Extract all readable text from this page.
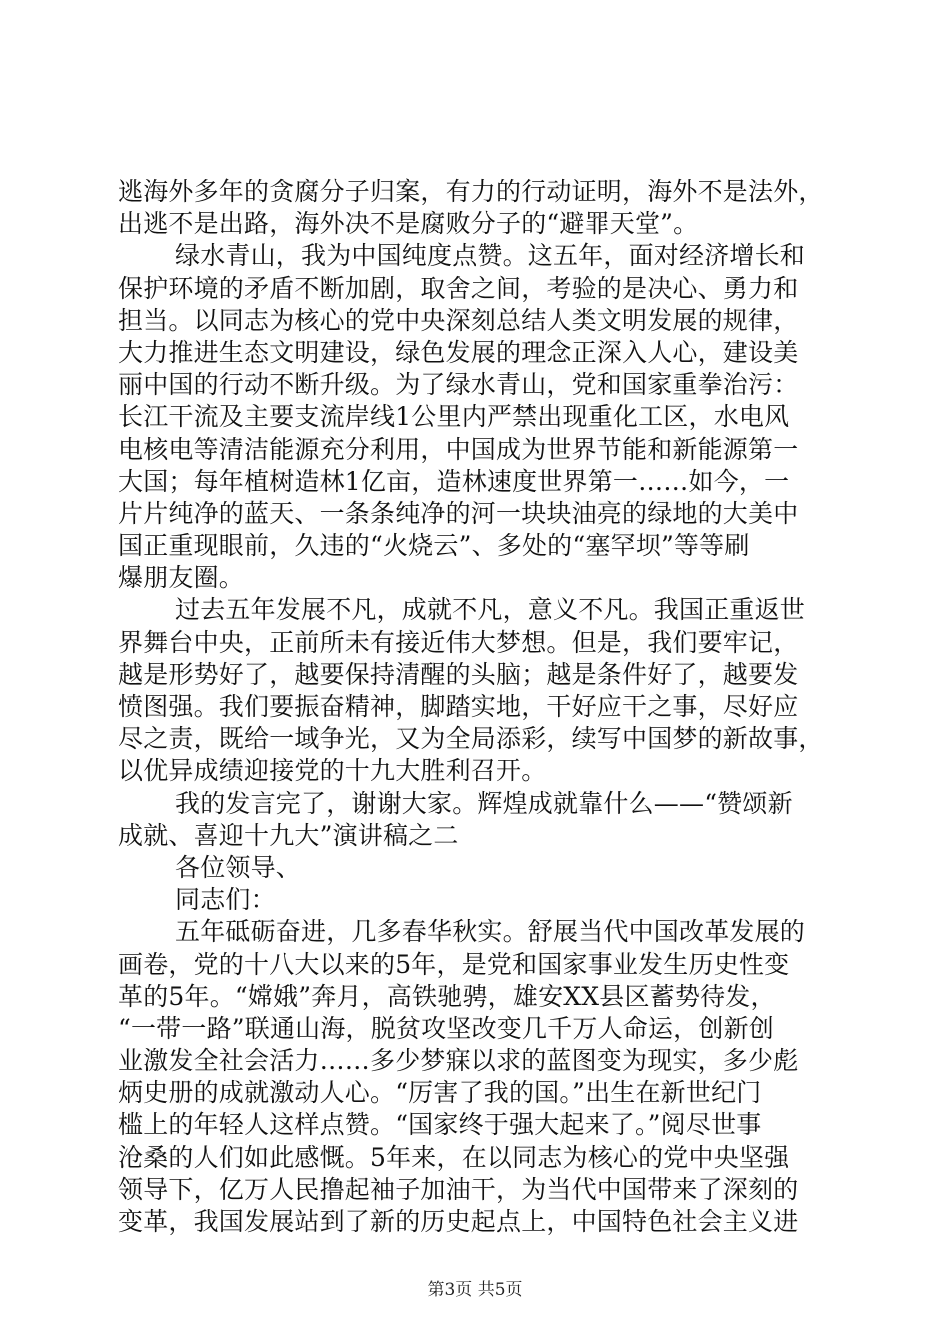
逃海外多年的贪腐分子归案，有力的行动证明，海外不是法外，
出逃不是出路，海外决不是腐败分子的“避罪天堂”。
绿水青山，我为中国纯度点赞。这五年，面对经济增长和
保护环境的矛盾不断加剧，取舍之间，考验的是决心、勇力和
担当。以同志为核心的党中央深刻总结人类文明发展的规律，
大力推进生态文明建设，绿色发展的理念正深入人心，建设美
丽中国的行动不断升级。为了绿水青山，党和国家重拳治污：
长江干流及主要支流岸线1公里内严禁出现重化工区，水电风
电核电等清洁能源充分利用，中国成为世界节能和新能源第一
大国；每年植树造林1亿亩，造林速度世界第一……如今，一
片片纯净的蓝天、一条条纯净的河一块块油亮的绿地的大美中
国正重现眼前，久违的“火烧云”、多处的“塞罕坝”等等刷
爆朋友圈。
过去五年发展不凡，成就不凡，意义不凡。我国正重返世
界舞台中央，正前所未有接近伟大梦想。但是，我们要牢记，
越是形势好了，越要保持清醒的头脑；越是条件好了，越要发
愤图强。我们要振奋精神，脚踏实地，干好应干之事，尽好应
尽之责，既给一域争光，又为全局添彩，续写中国梦的新故事，
以优异成绩迎接党的十九大胜利召开。
我的发言完了，谢谢大家。辉煌成就靠什么——“赞颂新
成就、喜迎十九大”演讲稿之二
各位领导、
同志们：
五年砥砺奋进，几多春华秋实。舒展当代中国改革发展的
画卷，党的十八大以来的5年，是党和国家事业发生历史性变
革的5年。“嫦娥”奔月，高铁驰骋，雄安XX县区蓄势待发，
“一带一路”联通山海，脱贫攻坚改变几千万人命运，创新创
业激发全社会活力……多少梦寐以求的蓝图变为现实，多少彪
炳史册的成就激动人心。“厉害了我的国。”出生在新世纪门
槛上的年轻人这样点赞。“国家终于强大起来了。”阅尽世事
沧桑的人们如此感慨。5年来，在以同志为核心的党中央坚强
领导下，亿万人民撸起袖子加油干，为当代中国带来了深刻的
变革，我国发展站到了新的历史起点上，中国特色社会主义进
第3页 共5页
